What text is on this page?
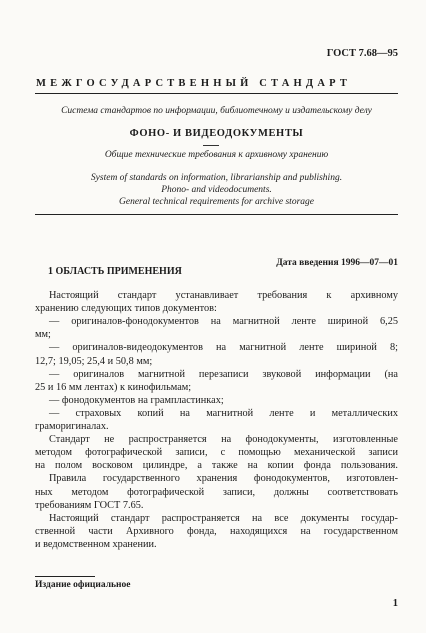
ГОСТ 7.68—95
МЕЖГОСУДАРСТВЕННЫЙ СТАНДАРТ
Система стандартов по информации, библиотечному и издательскому делу
ФОНО- И ВИДЕОДОКУМЕНТЫ
Общие технические требования к архивному хранению
System of standards on information, librarianship and publishing.
Phono- and videodocuments.
General technical requirements for archive storage
Дата введения 1996—07—01
1 ОБЛАСТЬ ПРИМЕНЕНИЯ
Настоящий стандарт устанавливает требования к архивному
хранению следующих типов документов:
— оригиналов-фонодокументов на магнитной ленте шириной 6,25
мм;
— оригиналов-видеодокументов на магнитной ленте шириной 8;
12,7; 19,05; 25,4 и 50,8 мм;
— оригиналов магнитной перезаписи звуковой информации (на
25 и 16 мм лентах) к кинофильмам;
— фонодокументов на грампластинках;
— страховых копий на магнитной ленте и металлических
граморигиналах.
Стандарт не распространяется на фонодокументы, изготовленные
методом фотографической записи, с помощью механической записи
на полом восковом цилиндре, а также на копии фонда пользования.
Правила государственного хранения фонодокументов, изготовлен-
ных методом фотографической записи, должны соответствовать
требованиям ГОСТ 7.65.
Настоящий стандарт распространяется на все документы государ-
ственной части Архивного фонда, находящихся на государственном
и ведомственном хранении.
Издание официальное
1
